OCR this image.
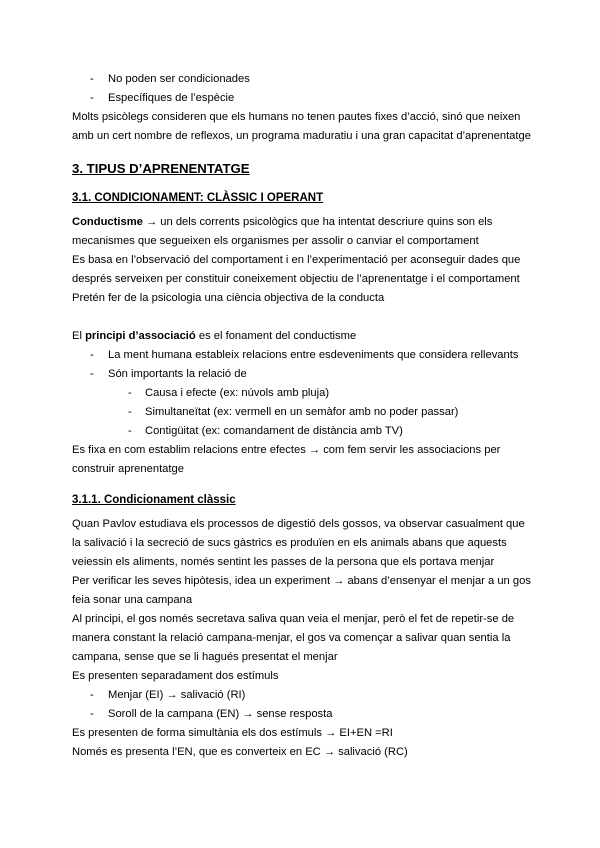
- No poden ser condicionades
- Específiques de l’espècie
Molts psicòlegs consideren que els humans no tenen pautes fixes d’acció, sinó que neixen
amb un cert nombre de reflexos, un programa maduratiu i una gran capacitat d’aprenentatge
3. TIPUS D’APRENENTATGE
3.1. CONDICIONAMENT: CLÀSSIC I OPERANT
Conductisme → un dels corrents psicològics que ha intentat descriure quins son els
mecanismes que segueixen els organismes per assolir o canviar el comportament
Es basa en l’observació del comportament i en l’experimentació per aconseguir dades que
després serveixen per constituir coneixement objectiu de l’aprenentatge i el comportament
Pretén fer de la psicologia una ciència objectiva de la conducta
El principi d’associació es el fonament del conductisme
- La ment humana estableix relacions entre esdeveniments que considera rellevants
- Són importants la relació de
- Causa i efecte (ex: núvols amb pluja)
- Simultaneïtat (ex: vermell en un semàfor amb no poder passar)
- Contigüitat (ex: comandament de distància amb TV)
Es fixa en com establim relacions entre efectes → com fem servir les associacions per
construir aprenentatge
3.1.1. Condicionament clàssic
Quan Pavlov estudiava els processos de digestió dels gossos, va observar casualment que
la salivació i la secreció de sucs gàstrics es produïen en els animals abans que aquests
veiessin els aliments, només sentint les passes de la persona que els portava menjar
Per verificar les seves hipòtesis, idea un experiment → abans d’ensenyar el menjar a un gos
feia sonar una campana
Al principi, el gos només secretava saliva quan veia el menjar, però el fet de repetir-se de
manera constant la relació campana-menjar, el gos va començar a salivar quan sentia la
campana, sense que se li hagués presentat el menjar
Es presenten separadament dos estímuls
- Menjar (EI) → salivació (RI)
- Soroll de la campana (EN) → sense resposta
Es presenten de forma simultània els dos estímuls → EI+EN =RI
Només es presenta l’EN, que es converteix en EC → salivació (RC)
